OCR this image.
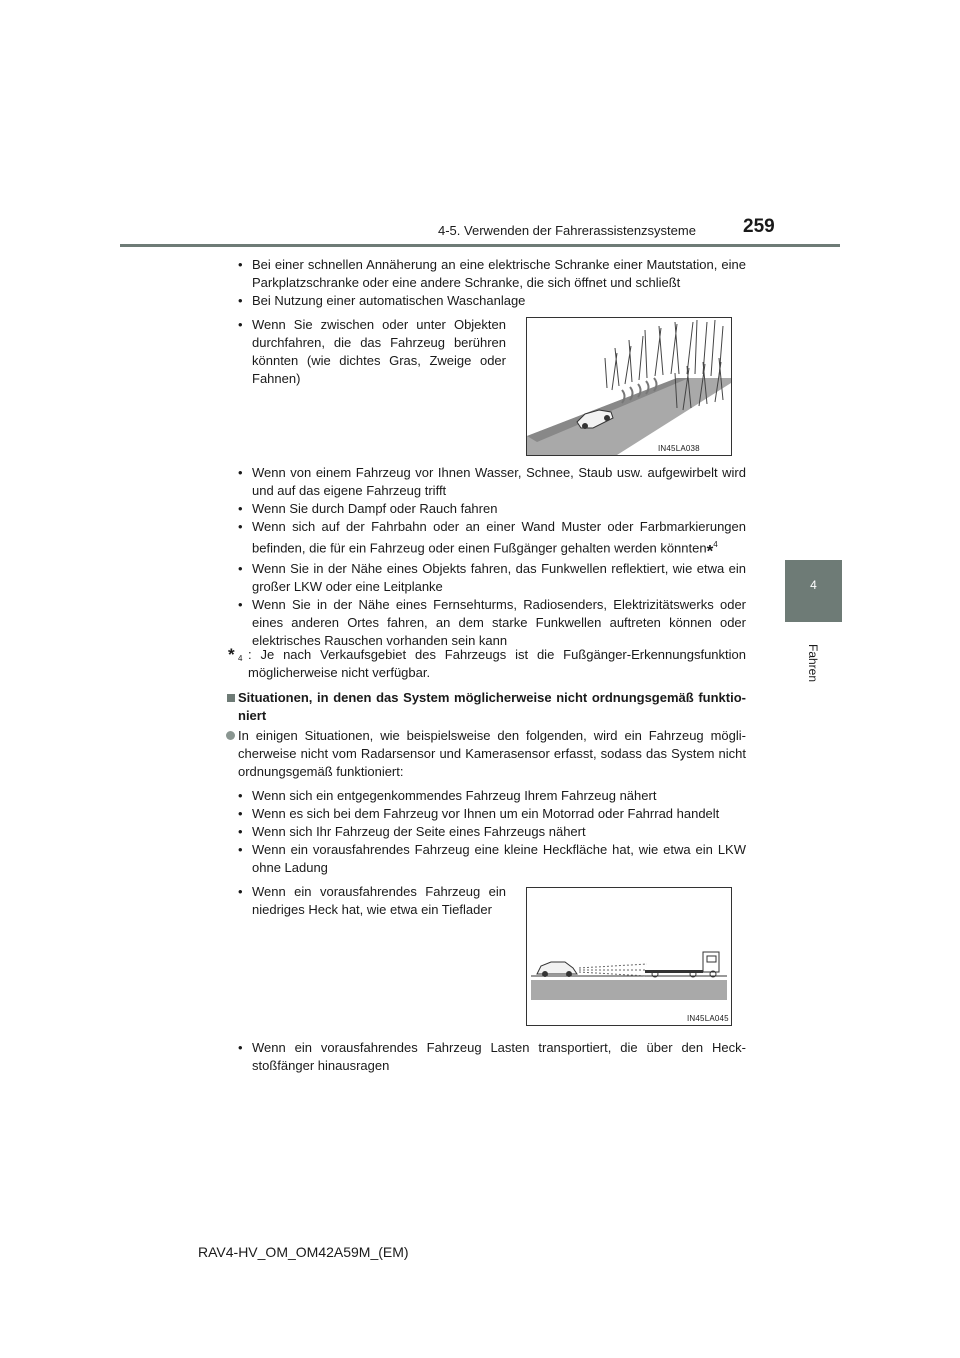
4-5. Verwenden der Fahrerassistenzsysteme 259
4
Fahren
• Bei einer schnellen Annäherung an eine elektrische Schranke einer Mautstation, eine Parkplatzschranke oder eine andere Schranke, die sich öffnet und schließt
• Bei Nutzung einer automatischen Waschanlage
• Wenn Sie zwischen oder unter Objekten durchfahren, die das Fahrzeug berühren könnten (wie dichtes Gras, Zweige oder Fahnen)
IN45LA038
• Wenn von einem Fahrzeug vor Ihnen Wasser, Schnee, Staub usw. aufgewirbelt wird und auf das eigene Fahrzeug trifft
• Wenn Sie durch Dampf oder Rauch fahren
• Wenn sich auf der Fahrbahn oder an einer Wand Muster oder Farbmarkierungen befinden, die für ein Fahrzeug oder einen Fußgänger gehalten werden könnten*$^4$
• Wenn Sie in der Nähe eines Objekts fahren, das Funkwellen reflektiert, wie etwa ein großer LKW oder eine Leitplanke
• Wenn Sie in der Nähe eines Fernsehturms, Radiosenders, Elektrizitätswerks oder eines anderen Ortes fahren, an dem starke Funkwellen auftreten können oder elektrisches Rauschen vorhanden sein kann
* 4 : Je nach Verkaufsgebiet des Fahrzeugs ist die Fußgänger-Erkennungsfunktion möglicherweise nicht verfügbar.
Situationen, in denen das System möglicherweise nicht ordnungsgemäß funktio-niert
In einigen Situationen, wie beispielsweise den folgenden, wird ein Fahrzeug mögli-cherweise nicht vom Radarsensor und Kamerasensor erfasst, sodass das System nicht ordnungsgemäß funktioniert:
• Wenn sich ein entgegenkommendes Fahrzeug Ihrem Fahrzeug nähert
• Wenn es sich bei dem Fahrzeug vor Ihnen um ein Motorrad oder Fahrrad handelt
• Wenn sich Ihr Fahrzeug der Seite eines Fahrzeugs nähert
• Wenn ein vorausfahrendes Fahrzeug eine kleine Heckfläche hat, wie etwa ein LKW ohne Ladung
• Wenn ein vorausfahrendes Fahrzeug ein niedriges Heck hat, wie etwa ein Tieflader
IN45LA045
• Wenn ein vorausfahrendes Fahrzeug Lasten transportiert, die über den Heck-stoßfänger hinausragen
RAV4-HV_OM_OM42A59M_(EM)
